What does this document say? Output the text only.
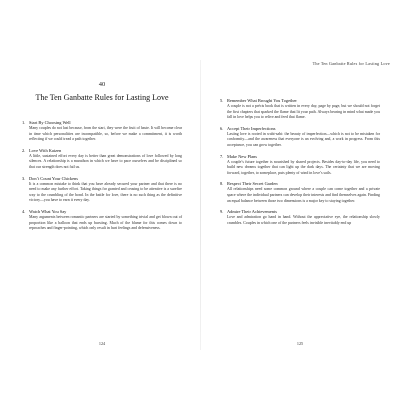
40
The Ten Ganbatte Rules for Lasting Love
1. Start By Choosing Well
Many couples do not last because, from the start, they were the fruit of haste. It will become clear in time which personalities are incompatible, so, before we make a commitment, it is worth reflecting if we could tread a path together.
2. Love With Kaizen
A little, sustained effort every day is better than great demonstrations of love followed by long silences. A relationship is a marathon in which we have to pace ourselves and be disciplined so that our strength does not fail us.
3. Don’t Count Your Chickens
It is a common mistake to think that you have already secured your partner and that there is no need to make any further effort. Taking things for granted and ceasing to be attentive is a surefire way to the crumbling of the bond. In the battle for love, there is no such thing as the definitive victory—you have to earn it every day.
4. Watch What You Say
Many arguments between romantic partners are started by something trivial and get blown out of proportion like a balloon that ends up bursting. Much of the blame for this comes down to reproaches and finger-pointing, which only result in hurt feelings and defensiveness.
124
The Ten Ganbatte Rules for Lasting Love
5. Remember What Brought You Together
A couple is not a précis book that is written in every day, page by page, but we should not forget the first chapters that sparked the flame that lit your path. Always bearing in mind what made you fall in love helps you to relive and feed that flame.
6. Accept Their Imperfections
Lasting love is rooted in wabi-sabi: the beauty of imperfection—which is not to be mistaken for conformity—and the awareness that everyone is an evolving and, a work in progress. From this acceptance, you can grow together.
7. Make New Plans
A couple’s future together is nourished by shared projects. Besides day-to-day life, you need to build new dreams together that can light up the dark days. The certainty that we are moving forward, together, to someplace, puts plenty of wind in love’s sails.
8. Respect Their Secret Garden
All relationships need some common ground where a couple can come together and a private space where the individual partners can develop their interests and find themselves again. Finding an equal balance between those two dimensions is a major key to staying together.
9. Admire Their Achievements
Love and admiration go hand in hand. Without the appreciative eye, the relationship slowly crumbles. Couples in which one of the partners feels invisible inevitably end up
125
